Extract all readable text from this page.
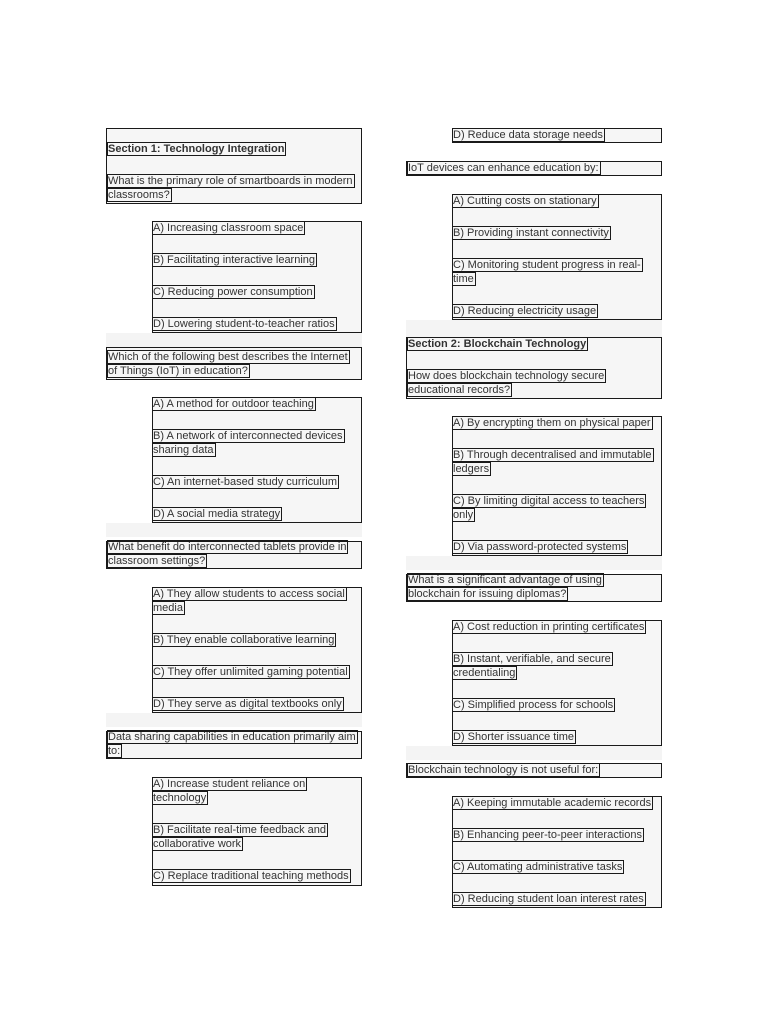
Section 1: Technology Integration
What is the primary role of smartboards in modern classrooms?
A) Increasing classroom space
B) Facilitating interactive learning
C) Reducing power consumption
D) Lowering student-to-teacher ratios
Which of the following best describes the Internet of Things (IoT) in education?
A) A method for outdoor teaching
B) A network of interconnected devices sharing data
C) An internet-based study curriculum
D) A social media strategy
What benefit do interconnected tablets provide in classroom settings?
A) They allow students to access social media
B) They enable collaborative learning
C) They offer unlimited gaming potential
D) They serve as digital textbooks only
Data sharing capabilities in education primarily aim to:
A) Increase student reliance on technology
B) Facilitate real-time feedback and collaborative work
C) Replace traditional teaching methods
D) Reduce data storage needs
IoT devices can enhance education by:
A) Cutting costs on stationary
B) Providing instant connectivity
C) Monitoring student progress in real-time
D) Reducing electricity usage
Section 2: Blockchain Technology
How does blockchain technology secure educational records?
A) By encrypting them on physical paper
B) Through decentralised and immutable ledgers
C) By limiting digital access to teachers only
D) Via password-protected systems
What is a significant advantage of using blockchain for issuing diplomas?
A) Cost reduction in printing certificates
B) Instant, verifiable, and secure credentialing
C) Simplified process for schools
D) Shorter issuance time
Blockchain technology is not useful for:
A) Keeping immutable academic records
B) Enhancing peer-to-peer interactions
C) Automating administrative tasks
D) Reducing student loan interest rates
